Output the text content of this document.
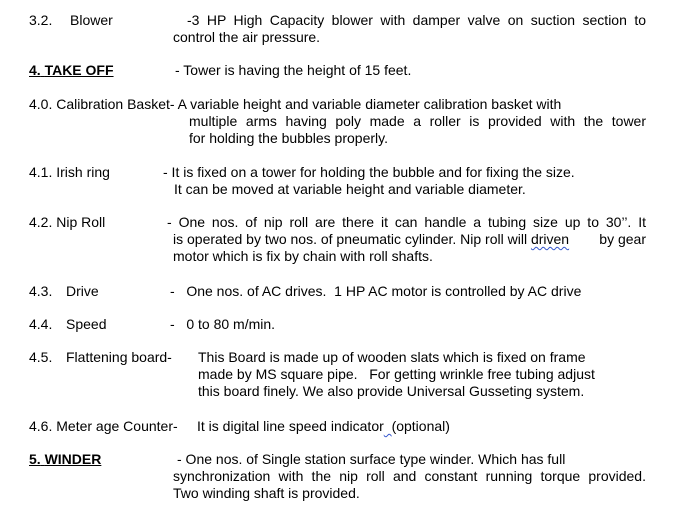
3.2. Blower	-3 HP High Capacity blower with damper valve on suction section to
control the air pressure.
4. TAKE OFF	- Tower is having the height of 15 feet.
4.0. Calibration Basket- A variable height and variable diameter calibration basket with
multiple arms having poly made a roller is provided with the tower
for holding the bubbles properly.
4.1. Irish ring	- It is fixed on a tower for holding the bubble and for fixing the size.
It can be moved at variable height and variable diameter.
4.2. Nip Roll	- One nos. of nip roll are there it can handle a tubing size up to 30’’. It
is operated by two nos. of pneumatic cylinder. Nip roll will driven	by gear
motor which is fix by chain with roll shafts.
4.3. Drive	-   One nos. of AC drives.  1 HP AC motor is controlled by AC drive
4.4. Speed	-   0 to 80 m/min.
4.5. Flattening board- This Board is made up of wooden slats which is fixed on frame
made by MS square pipe.   For getting wrinkle free tubing adjust
this board finely. We also provide Universal Gusseting system.
4.6. Meter age Counter- It is digital line speed indicator (optional)
5. WINDER	- One nos. of Single station surface type winder. Which has full
synchronization with the nip roll and constant running torque provided.
Two winding shaft is provided.
